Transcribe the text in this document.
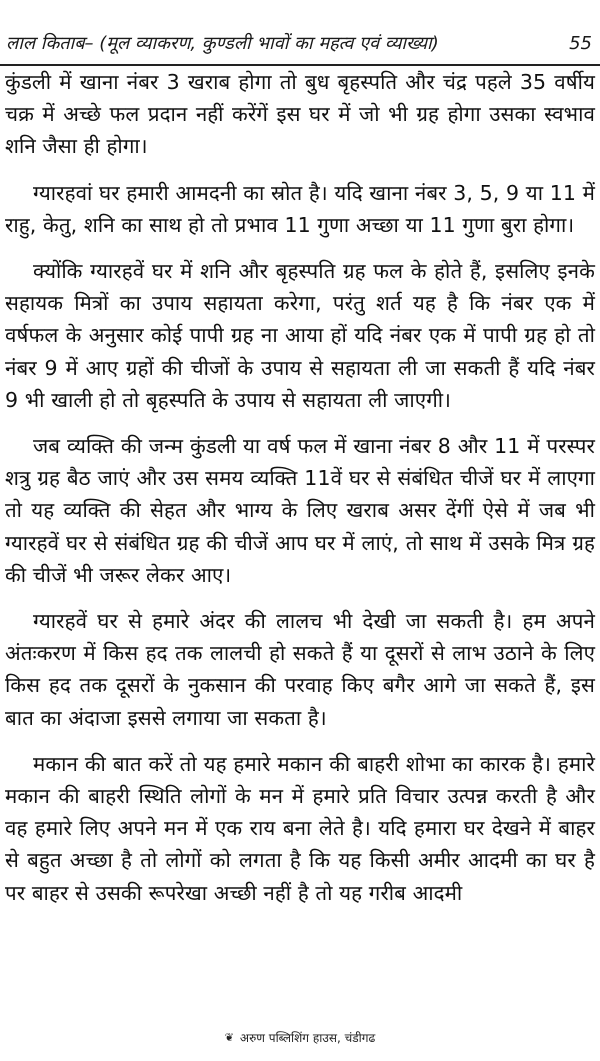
लाल किताब– (मूल व्याकरण, कुण्डली भावों का महत्व एवं व्याख्या)	55

कुंडली में खाना नंबर 3 खराब होगा तो बुध बृहस्पति और चंद्र पहले 35 वर्षीय चक्र में अच्छे फल प्रदान नहीं करेंगें इस घर में जो भी ग्रह होगा उसका स्वभाव शनि जैसा ही होगा।

ग्यारहवां घर हमारी आमदनी का स्रोत है। यदि खाना नंबर 3, 5, 9 या 11 में राहु, केतु, शनि का साथ हो तो प्रभाव 11 गुणा अच्छा या 11 गुणा बुरा होगा।

क्योंकि ग्यारहवें घर में शनि और बृहस्पति ग्रह फल के होते हैं, इसलिए इनके सहायक मित्रों का उपाय सहायता करेगा, परंतु शर्त यह है कि नंबर एक में वर्षफल के अनुसार कोई पापी ग्रह ना आया हों यदि नंबर एक में पापी ग्रह हो तो नंबर 9 में आए ग्रहों की चीजों के उपाय से सहायता ली जा सकती हैं यदि नंबर 9 भी खाली हो तो बृहस्पति के उपाय से सहायता ली जाएगी।

जब व्यक्ति की जन्म कुंडली या वर्ष फल में खाना नंबर 8 और 11 में परस्पर शत्रु ग्रह बैठ जाएं और उस समय व्यक्ति 11वें घर से संबंधित चीजें घर में लाएगा तो यह व्यक्ति की सेहत और भाग्य के लिए खराब असर देंगीं ऐसे में जब भी ग्यारहवें घर से संबंधित ग्रह की चीजें आप घर में लाएं, तो साथ में उसके मित्र ग्रह की चीजें भी जरूर लेकर आए।

ग्यारहवें घर से हमारे अंदर की लालच भी देखी जा सकती है। हम अपने अंतःकरण में किस हद तक लालची हो सकते हैं या दूसरों से लाभ उठाने के लिए किस हद तक दूसरों के नुकसान की परवाह किए बगैर आगे जा सकते हैं, इस बात का अंदाजा इससे लगाया जा सकता है।

मकान की बात करें तो यह हमारे मकान की बाहरी शोभा का कारक है। हमारे मकान की बाहरी स्थिति लोगों के मन में हमारे प्रति विचार उत्पन्न करती है और वह हमारे लिए अपने मन में एक राय बना लेते है। यदि हमारा घर देखने में बाहर से बहुत अच्छा है तो लोगों को लगता है कि यह किसी अमीर आदमी का घर है पर बाहर से उसकी रूपरेखा अच्छी नहीं है तो यह गरीब आदमी

❦ अरुण पब्लिशिंग हाउस, चंडीगढ
